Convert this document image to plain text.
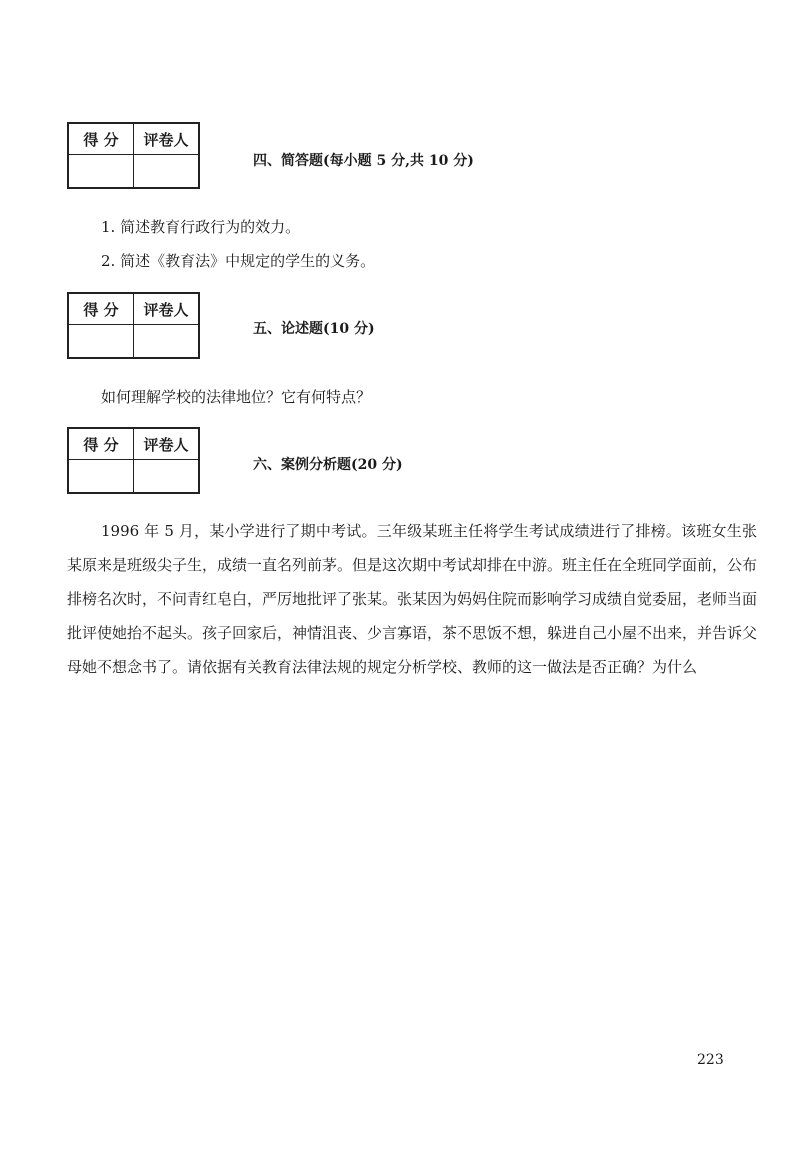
得 分	评卷人

四、简答题(每小题 5 分,共 10 分)
1. 简述教育行政行为的效力。
2. 简述《教育法》中规定的学生的义务。
得 分	评卷人

五、论述题(10 分)
如何理解学校的法律地位？它有何特点？
得 分	评卷人

六、案例分析题(20 分)
1996 年 5 月，某小学进行了期中考试。三年级某班主任将学生考试成绩进行了排榜。该班女生张某原来是班级尖子生，成绩一直名列前茅。但是这次期中考试却排在中游。班主任在全班同学面前，公布排榜名次时，不问青红皂白，严厉地批评了张某。张某因为妈妈住院而影响学习成绩自觉委屈，老师当面批评使她抬不起头。孩子回家后，神情沮丧、少言寡语，茶不思饭不想，躲进自己小屋不出来，并告诉父母她不想念书了。请依据有关教育法律法规的规定分析学校、教师的这一做法是否正确？为什么
223
